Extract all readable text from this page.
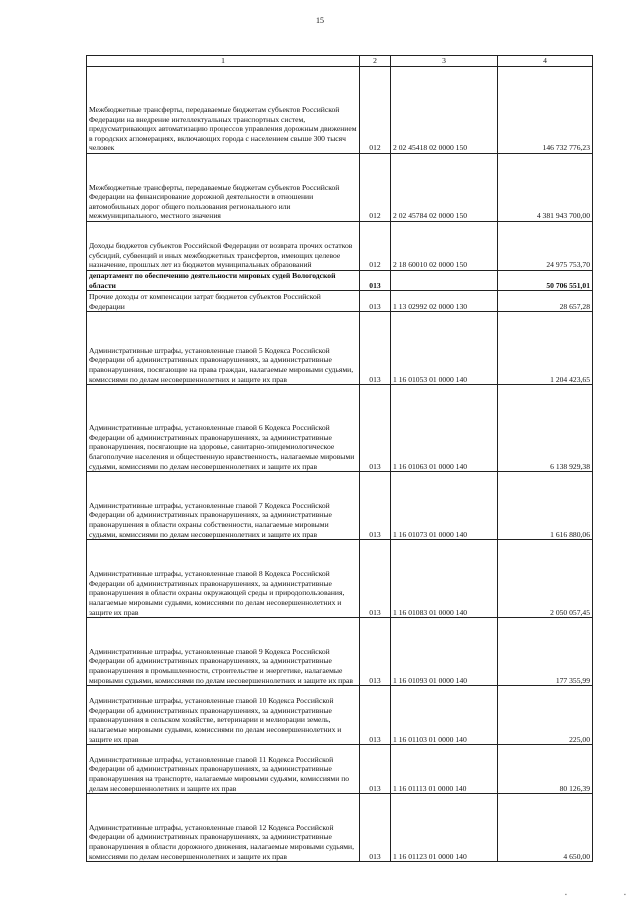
15
1	2	3	4
Межбюджетные трансферты, передаваемые бюджетам субъектов Российской Федерации на внедрение интеллектуальных транспортных систем, предусматривающих автоматизацию процессов управления дорожным движением в городских агломерациях, включающих города с населением свыше 300 тысяч человек	012	2 02 45418 02 0000 150	146 732 776,23
Межбюджетные трансферты, передаваемые бюджетам субъектов Российской Федерации на финансирование дорожной деятельности в отношении автомобильных дорог общего пользования регионального или межмуниципального, местного значения	012	2 02 45784 02 0000 150	4 381 943 700,00
Доходы бюджетов субъектов Российской Федерации от возврата прочих остатков субсидий, субвенций и иных межбюджетных трансфертов, имеющих целевое назначение, прошлых лет из бюджетов муниципальных образований	012	2 18 60010 02 0000 150	24 975 753,70
департамент по обеспечению деятельности мировых судей Вологодской области	013		50 706 551,01
Прочие доходы от компенсации затрат бюджетов субъектов Российской Федерации	013	1 13 02992 02 0000 130	28 657,28
Административные штрафы, установленные главой 5 Кодекса Российской Федерации об административных правонарушениях, за административные правонарушения, посягающие на права граждан, налагаемые мировыми судьями, комиссиями по делам несовершеннолетних и защите их прав	013	1 16 01053 01 0000 140	1 204 423,65
Административные штрафы, установленные главой 6 Кодекса Российской Федерации об административных правонарушениях, за административные правонарушения, посягающие на здоровье, санитарно-эпидемиологическое благополучие населения и общественную нравственность, налагаемые мировыми судьями, комиссиями по делам несовершеннолетних и защите их прав	013	1 16 01063 01 0000 140	6 138 929,38
Административные штрафы, установленные главой 7 Кодекса Российской Федерации об административных правонарушениях, за административные правонарушения в области охраны собственности, налагаемые мировыми судьями, комиссиями по делам несовершеннолетних и защите их прав	013	1 16 01073 01 0000 140	1 616 880,06
Административные штрафы, установленные главой 8 Кодекса Российской Федерации об административных правонарушениях, за административные правонарушения в области охраны окружающей среды и природопользования, налагаемые мировыми судьями, комиссиями по делам несовершеннолетних и защите их прав	013	1 16 01083 01 0000 140	2 050 057,45
Административные штрафы, установленные главой 9 Кодекса Российской Федерации об административных правонарушениях, за административные правонарушения в промышленности, строительстве и энергетике, налагаемые мировыми судьями, комиссиями по делам несовершеннолетних и защите их прав	013	1 16 01093 01 0000 140	177 355,99
Административные штрафы, установленные главой 10 Кодекса Российской Федерации об административных правонарушениях, за административные правонарушения в сельском хозяйстве, ветеринарии и мелиорации земель, налагаемые мировыми судьями, комиссиями по делам несовершеннолетних и защите их прав	013	1 16 01103 01 0000 140	225,00
Административные штрафы, установленные главой 11 Кодекса Российской Федерации об административных правонарушениях, за административные правонарушения на транспорте, налагаемые мировыми судьями, комиссиями по делам несовершеннолетних и защите их прав	013	1 16 01113 01 0000 140	80 126,39
Административные штрафы, установленные главой 12 Кодекса Российской Федерации об административных правонарушениях, за административные правонарушения в области дорожного движения, налагаемые мировыми судьями, комиссиями по делам несовершеннолетних и защите их прав	013	1 16 01123 01 0000 140	4 650,00
▪	▪
